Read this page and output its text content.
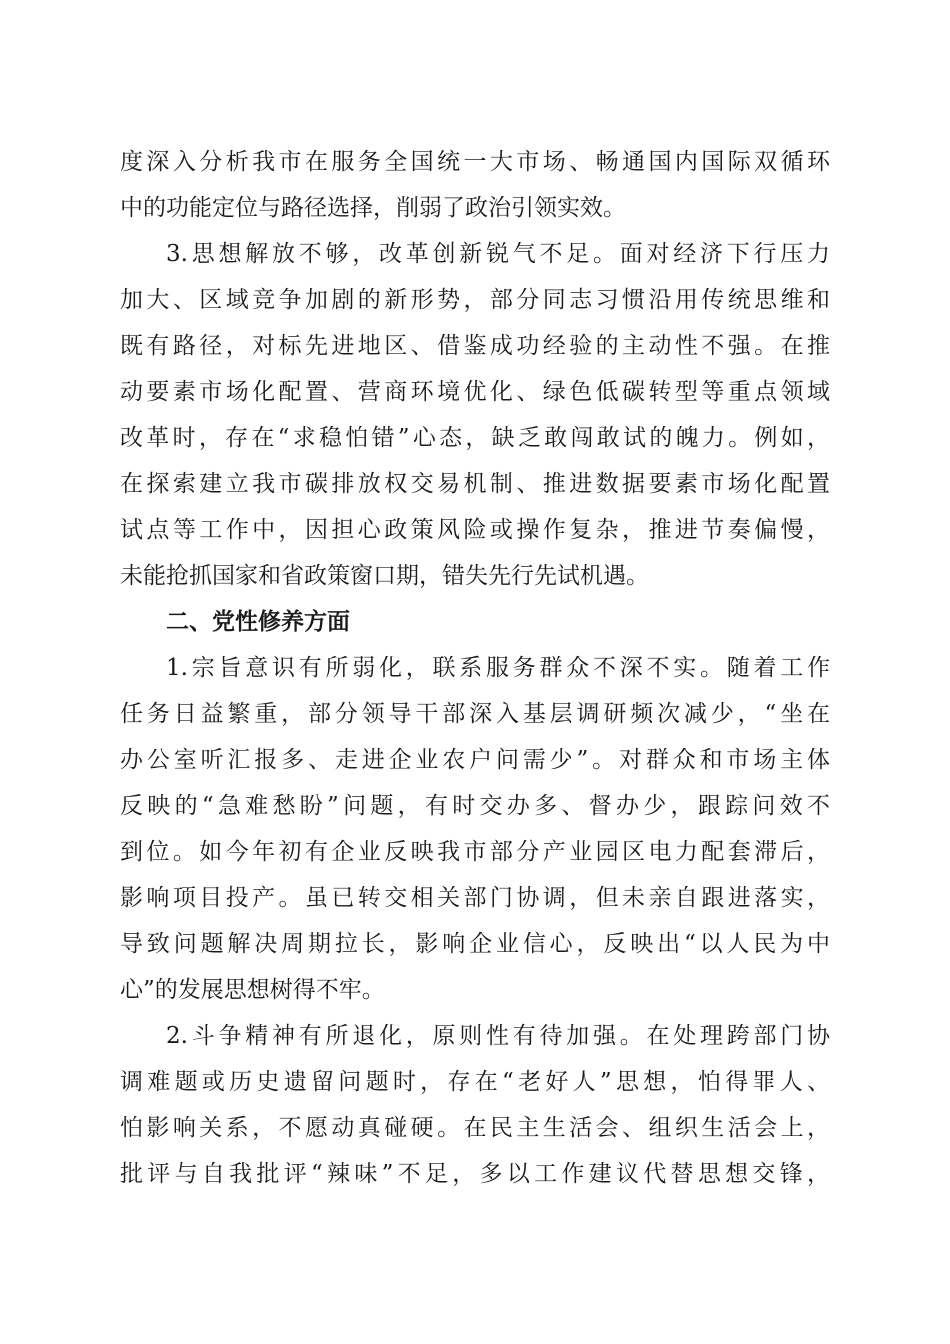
度深入分析我市在服务全国统一大市场、畅通国内国际双循环
中的功能定位与路径选择，削弱了政治引领实效。
3.思想解放不够，改革创新锐气不足。面对经济下行压力
加大、区域竞争加剧的新形势，部分同志习惯沿用传统思维和
既有路径，对标先进地区、借鉴成功经验的主动性不强。在推
动要素市场化配置、营商环境优化、绿色低碳转型等重点领域
改革时，存在“求稳怕错”心态，缺乏敢闯敢试的魄力。例如，
在探索建立我市碳排放权交易机制、推进数据要素市场化配置
试点等工作中，因担心政策风险或操作复杂，推进节奏偏慢，
未能抢抓国家和省政策窗口期，错失先行先试机遇。
二、党性修养方面
1.宗旨意识有所弱化，联系服务群众不深不实。随着工作
任务日益繁重，部分领导干部深入基层调研频次减少，“坐在
办公室听汇报多、走进企业农户问需少”。对群众和市场主体
反映的“急难愁盼”问题，有时交办多、督办少，跟踪问效不
到位。如今年初有企业反映我市部分产业园区电力配套滞后，
影响项目投产。虽已转交相关部门协调，但未亲自跟进落实，
导致问题解决周期拉长，影响企业信心，反映出“以人民为中
心”的发展思想树得不牢。
2.斗争精神有所退化，原则性有待加强。在处理跨部门协
调难题或历史遗留问题时，存在“老好人”思想，怕得罪人、
怕影响关系，不愿动真碰硬。在民主生活会、组织生活会上，
批评与自我批评“辣味”不足，多以工作建议代替思想交锋，
